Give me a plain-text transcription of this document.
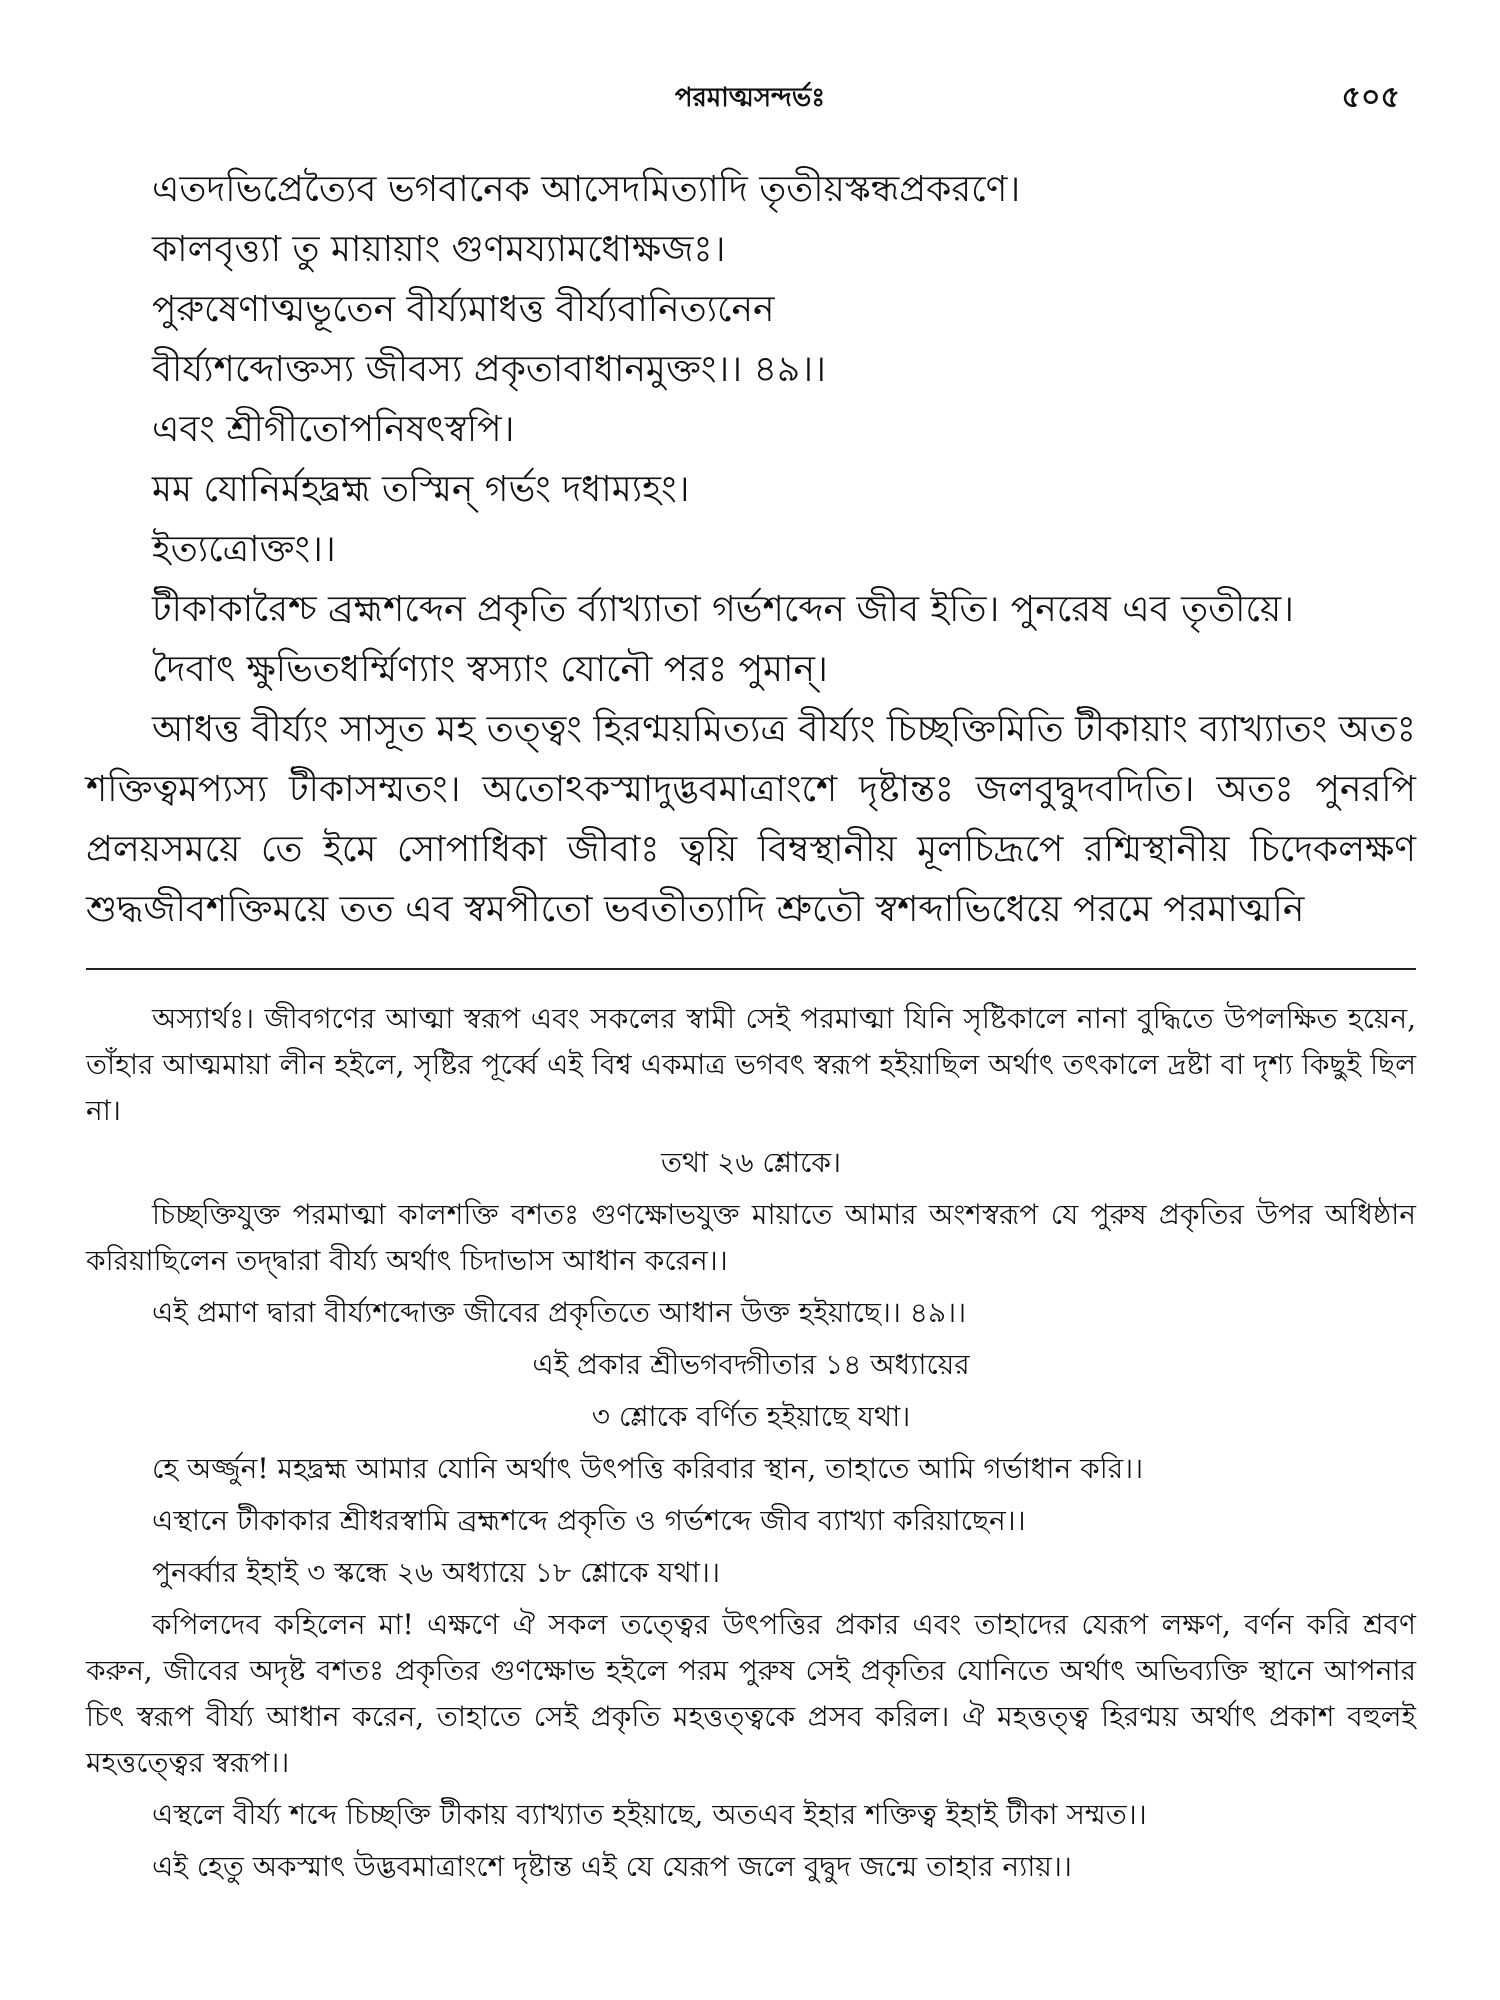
পরমাত্মসন্দর্ভঃ	৫০৫
এতদভিপ্রেত্যৈব ভগবানেক আসেদমিত্যাদি তৃতীয়স্কন্ধপ্রকরণে।
কালবৃত্ত্যা তু মায়ায়াং গুণময্যামধোক্ষজঃ।
পুরুষেণাত্মভূতেন বীর্য্যমাধত্ত বীর্য্যবানিত্যনেন
বীর্য্যশব্দোক্তস্য জীবস্য প্রকৃতাবাধানমুক্তং।। ৪৯।।
এবং শ্রীগীতোপনিষৎস্বপি।
মম যোনির্মহদ্ব্রহ্ম তস্মিন্ গর্ভং দধাম্যহং।
ইত্যত্রোক্তং।।
টীকাকারৈশ্চ ব্রহ্মশব্দেন প্রকৃতি র্ব্যাখ্যাতা গর্ভশব্দেন জীব ইতি। পুনরেষ এব তৃতীয়ে।
দৈবাৎ ক্ষুভিতধর্ম্মিণ্যাং স্বস্যাং যোনৌ পরঃ পুমান্।

আধত্ত বীর্য্যং সাসূত মহ তত্ত্বং হিরণ্ময়মিত্যত্র বীর্য্যং চিচ্ছক্তিমিতি টীকায়াং ব্যাখ্যাতং অতঃ শক্তিত্বমপ্যস্য টীকাসম্মতং। অতোঽকস্মাদুদ্ভবমাত্রাংশে দৃষ্টান্তঃ জলবুদ্বুদবদিতি। অতঃ পুনরপি প্রলয়সময়ে তে ইমে সোপাধিকা জীবাঃ ত্বয়ি বিম্বস্থানীয় মূলচিদ্রূপে রশ্মিস্থানীয় চিদেকলক্ষণ শুদ্ধজীবশক্তিময়ে তত এব স্বমপীতো ভবতীত্যাদি শ্রুতৌ স্বশব্দাভিধেয়ে পরমে পরমাত্মনি

অস্যার্থঃ। জীবগণের আত্মা স্বরূপ এবং সকলের স্বামী সেই পরমাত্মা যিনি সৃষ্টিকালে নানা বুদ্ধিতে উপলক্ষিত হয়েন, তাঁহার আত্মমায়া লীন হইলে, সৃষ্টির পূর্ব্বে এই বিশ্ব একমাত্র ভগবৎ স্বরূপ হইয়াছিল অর্থাৎ তৎকালে দ্রষ্টা বা দৃশ্য কিছুই ছিল না।

তথা ২৬ শ্লোকে।

চিচ্ছক্তিযুক্ত পরমাত্মা কালশক্তি বশতঃ গুণক্ষোভযুক্ত মায়াতে আমার অংশস্বরূপ যে পুরুষ প্রকৃতির উপর অধিষ্ঠান করিয়াছিলেন তদ্দ্বারা বীর্য্য অর্থাৎ চিদাভাস আধান করেন।।

এই প্রমাণ দ্বারা বীর্য্যশব্দোক্ত জীবের প্রকৃতিতে আধান উক্ত হইয়াছে।। ৪৯।।

এই প্রকার শ্রীভগবদ্গীতার ১৪ অধ্যায়ের

৩ শ্লোকে বর্ণিত হইয়াছে যথা।

হে অর্জ্জুন! মহদ্ব্রহ্ম আমার যোনি অর্থাৎ উৎপত্তি করিবার স্থান, তাহাতে আমি গর্ভাধান করি।।

এস্থানে টীকাকার শ্রীধরস্বামি ব্রহ্মশব্দে প্রকৃতি ও গর্ভশব্দে জীব ব্যাখ্যা করিয়াছেন।।

পুনর্ব্বার ইহাই ৩ স্কন্ধে ২৬ অধ্যায়ে ১৮ শ্লোকে যথা।।

কপিলদেব কহিলেন মা! এক্ষণে ঐ সকল তত্ত্বের উৎপত্তির প্রকার এবং তাহাদের যেরূপ লক্ষণ, বর্ণন করি শ্রবণ করুন, জীবের অদৃষ্ট বশতঃ প্রকৃতির গুণক্ষোভ হইলে পরম পুরুষ সেই প্রকৃতির যোনিতে অর্থাৎ অভিব্যক্তি স্থানে আপনার চিৎ স্বরূপ বীর্য্য আধান করেন, তাহাতে সেই প্রকৃতি মহত্তত্ত্বকে প্রসব করিল। ঐ মহত্তত্ত্ব হিরণ্ময় অর্থাৎ প্রকাশ বহুলই মহত্তত্ত্বের স্বরূপ।।

এস্থলে বীর্য্য শব্দে চিচ্ছক্তি টীকায় ব্যাখ্যাত হইয়াছে, অতএব ইহার শক্তিত্ব ইহাই টীকা সম্মত।।

এই হেতু অকস্মাৎ উদ্ভবমাত্রাংশে দৃষ্টান্ত এই যে যেরূপ জলে বুদ্বুদ জন্মে তাহার ন্যায়।।
